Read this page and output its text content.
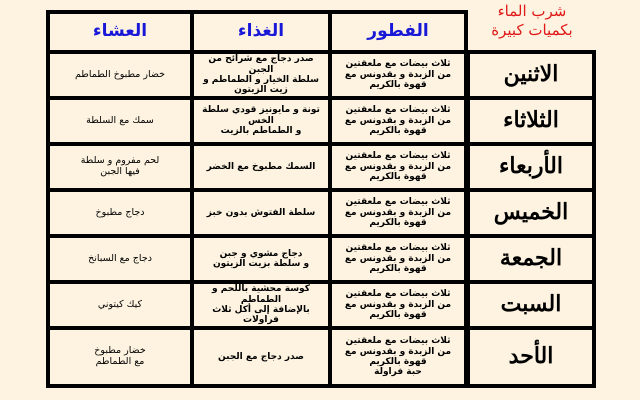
شرب الماء
بكميات كبيرة
الفطور
الغذاء
العشاء
ثلاث بيضات مع ملعقتين
من الزبدة و بقدونس مع قهوة بالكريم
صدر دجاج مع شرائح من الجبن
سلطة الخيار و الطماطم و زيت الزيتون
خضار مطبوخ الطماطم
ثلاث بيضات مع ملعقتين
من الزبدة و بقدونس مع قهوة بالكريم
تونة و مايونيز قودي سلطة الخس
و الطماطم بالزيت
سمك مع السلطة
ثلاث بيضات مع ملعقتين
من الزبدة و بقدونس مع قهوة بالكريم
السمك مطبوخ مع الخضر
لحم مفروم و سلطة
فيها الجبن
ثلاث بيضات مع ملعقتين
من الزبدة و بقدونس مع قهوة بالكريم
سلطة الفتوش بدون خبز
دجاج مطبوخ
ثلاث بيضات مع ملعقتين
من الزبدة و بقدونس مع قهوة بالكريم
دجاج مشوي و جبن
و سلطة بزيت الزيتون
دجاج مع السبانخ
ثلاث بيضات مع ملعقتين
من الزبدة و بقدونس مع قهوة بالكريم
كوسة محشية باللحم و الطماطم
بالإضافة إلى أكل ثلاث فراولات
كيك كيتوني
ثلاث بيضات مع ملعقتين
من الزبدة و بقدونس مع قهوة بالكريم
حبة فراولة
صدر دجاج مع الجبن
خضار مطبوخ
مع الطماطم
الاثنين
الثلاثاء
الأربعاء
الخميس
الجمعة
السبت
الأحد
